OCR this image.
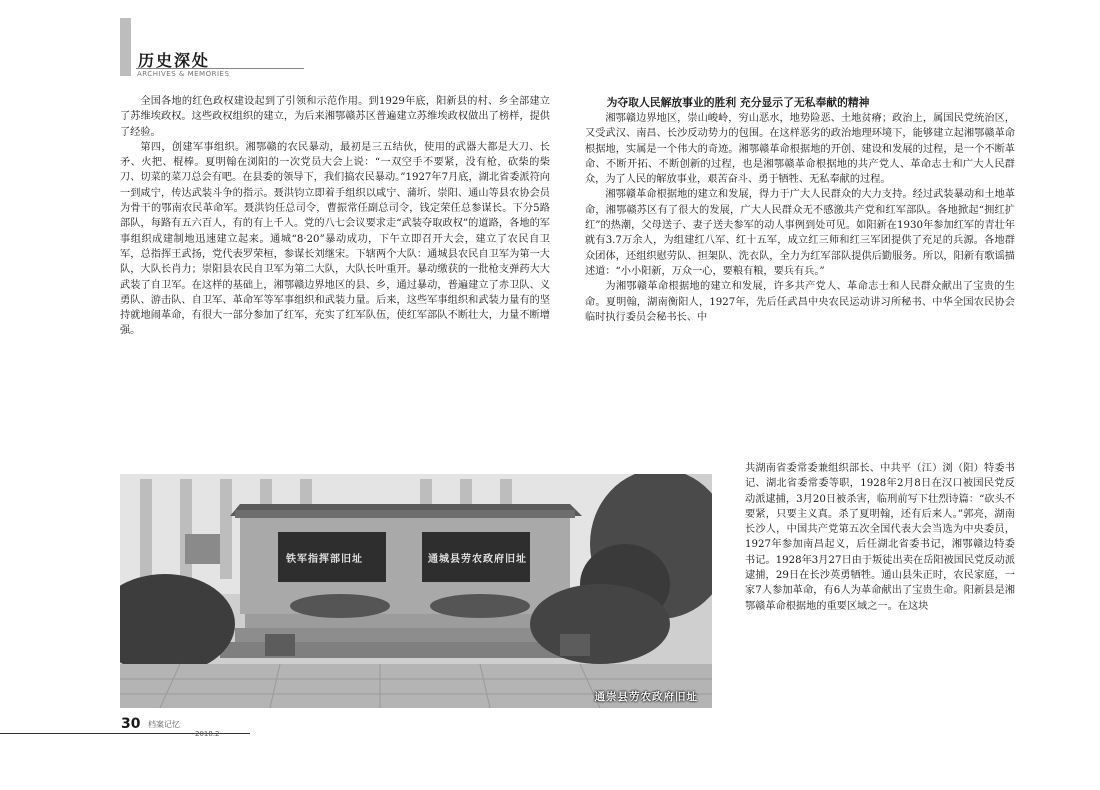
历史深处
ARCHIVES & MEMORIES

全国各地的红色政权建设起到了引领和示范作用。到1929年底，阳新县的村、乡全部建立了苏维埃政权。这些政权组织的建立，为后来湘鄂赣苏区普遍建立苏维埃政权做出了榜样，提供了经验。

第四，创建军事组织。湘鄂赣的农民暴动，最初是三五结伙，使用的武器大都是大刀、长矛、火把、棍棒。夏明翰在浏阳的一次党员大会上说：“一双空手不要紧，没有枪，砍柴的柴刀、切菜的菜刀总会有吧。在县委的领导下，我们搞农民暴动。”1927年7月底，湖北省委派符向一到咸宁，传达武装斗争的指示。聂洪钧立即着手组织以咸宁、蒲圻、崇阳、通山等县农协会员为骨干的鄂南农民革命军。聂洪钧任总司令，曹振常任副总司令，钱定荣任总参谋长。下分5路部队，每路有五六百人，有的有上千人。党的八七会议要求走“武装夺取政权”的道路，各地的军事组织成建制地迅速建立起来。通城“8·20”暴动成功，下午立即召开大会，建立了农民自卫军，总指挥王武扬，党代表罗荣桓，参谋长刘继宋。下辖两个大队：通城县农民自卫军为第一大队，大队长肖力；崇阳县农民自卫军为第二大队，大队长叶重开。暴动缴获的一批枪支弹药大大武装了自卫军。在这样的基础上，湘鄂赣边界地区的县、乡，通过暴动，普遍建立了赤卫队、义勇队、游击队、自卫军、革命军等军事组织和武装力量。后来，这些军事组织和武装力量有的坚持就地闹革命，有很大一部分参加了红军，充实了红军队伍，使红军部队不断壮大，力量不断增强。

为夺取人民解放事业的胜利 充分显示了无私奉献的精神

湘鄂赣边界地区，崇山峻岭，穷山恶水，地势险恶、土地贫瘠；政治上，属国民党统治区，又受武汉、南昌、长沙反动势力的包围。在这样恶劣的政治地理环境下，能够建立起湘鄂赣革命根据地，实属是一个伟大的奇迹。湘鄂赣革命根据地的开创、建设和发展的过程，是一个不断革命、不断开拓、不断创新的过程，也是湘鄂赣革命根据地的共产党人、革命志士和广大人民群众，为了人民的解放事业，艰苦奋斗、勇于牺牲、无私奉献的过程。

湘鄂赣革命根据地的建立和发展，得力于广大人民群众的大力支持。经过武装暴动和土地革命，湘鄂赣苏区有了很大的发展，广大人民群众无不感激共产党和红军部队。各地掀起“拥红扩红”的热潮，父母送子、妻子送夫参军的动人事例到处可见。如阳新在1930年参加红军的青壮年就有3.7万余人，为组建红八军、红十五军，成立红三师和红三军团提供了充足的兵源。各地群众团体，还组织慰劳队、担架队、洗衣队，全力为红军部队提供后勤服务。所以，阳新有歌谣描述道：“小小阳新，万众一心，要粮有粮，要兵有兵。”

为湘鄂赣革命根据地的建立和发展，许多共产党人、革命志士和人民群众献出了宝贵的生命。夏明翰，湖南衡阳人，1927年，先后任武昌中央农民运动讲习所秘书、中华全国农民协会临时执行委员会秘书长、中

共湖南省委常委兼组织部长、中共平（江）浏（阳）特委书记、湖北省委常委等职，1928年2月8日在汉口被国民党反动派逮捕，3月20日被杀害，临刑前写下壮烈诗篇：“砍头不要紧，只要主义真。杀了夏明翰，还有后来人。”郭亮，湖南长沙人，中国共产党第五次全国代表大会当选为中央委员，1927年参加南昌起义，后任湖北省委书记，湘鄂赣边特委书记。1928年3月27日由于叛徒出卖在岳阳被国民党反动派逮捕，29日在长沙英勇牺牲。通山县朱正时，农民家庭，一家7人参加革命，有6人为革命献出了宝贵生命。阳新县是湘鄂赣革命根据地的重要区域之一。在这块

铁军指挥部旧址	通城县劳农政府旧址
通崇县劳农政府旧址
30 档案记忆
2018.2
